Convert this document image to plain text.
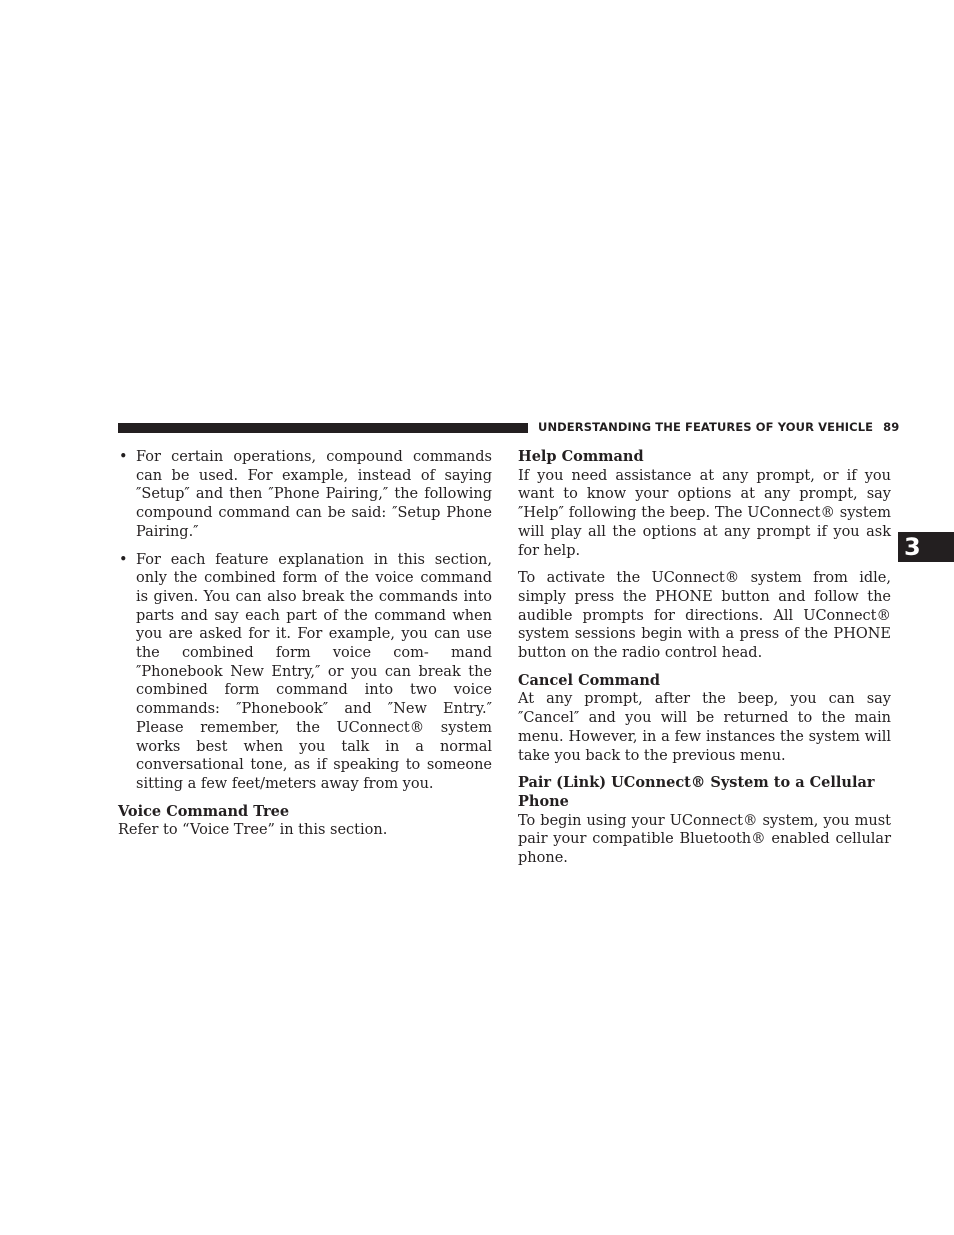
UNDERSTANDING THE FEATURES OF YOUR VEHICLE 89
3
• For certain operations, compound commands can be used. For example, instead of saying ″Setup″ and then ″Phone Pairing,″ the following compound command can be said: ″Setup Phone Pairing.″
• For each feature explanation in this section, only the combined form of the voice command is given. You can also break the commands into parts and say each part of the command when you are asked for it. For example, you can use the combined form voice com- mand ″Phonebook New Entry,″ or you can break the combined form command into two voice commands: ″Phonebook″ and ″New Entry.″ Please remember, the UConnect® system works best when you talk in a normal conversational tone, as if speaking to someone sitting a few feet/meters away from you.
Voice Command Tree

Refer to “Voice Tree” in this section.

Help Command

If you need assistance at any prompt, or if you want to know your options at any prompt, say ″Help″ following the beep. The UConnect® system will play all the options at any prompt if you ask for help.

To activate the UConnect® system from idle, simply press the PHONE button and follow the audible prompts for directions. All UConnect® system sessions begin with a press of the PHONE button on the radio control head.

Cancel Command

At any prompt, after the beep, you can say ″Cancel″ and you will be returned to the main menu. However, in a few instances the system will take you back to the previous menu.

Pair (Link) UConnect® System to a Cellular Phone

To begin using your UConnect® system, you must pair your compatible Bluetooth® enabled cellular phone.
